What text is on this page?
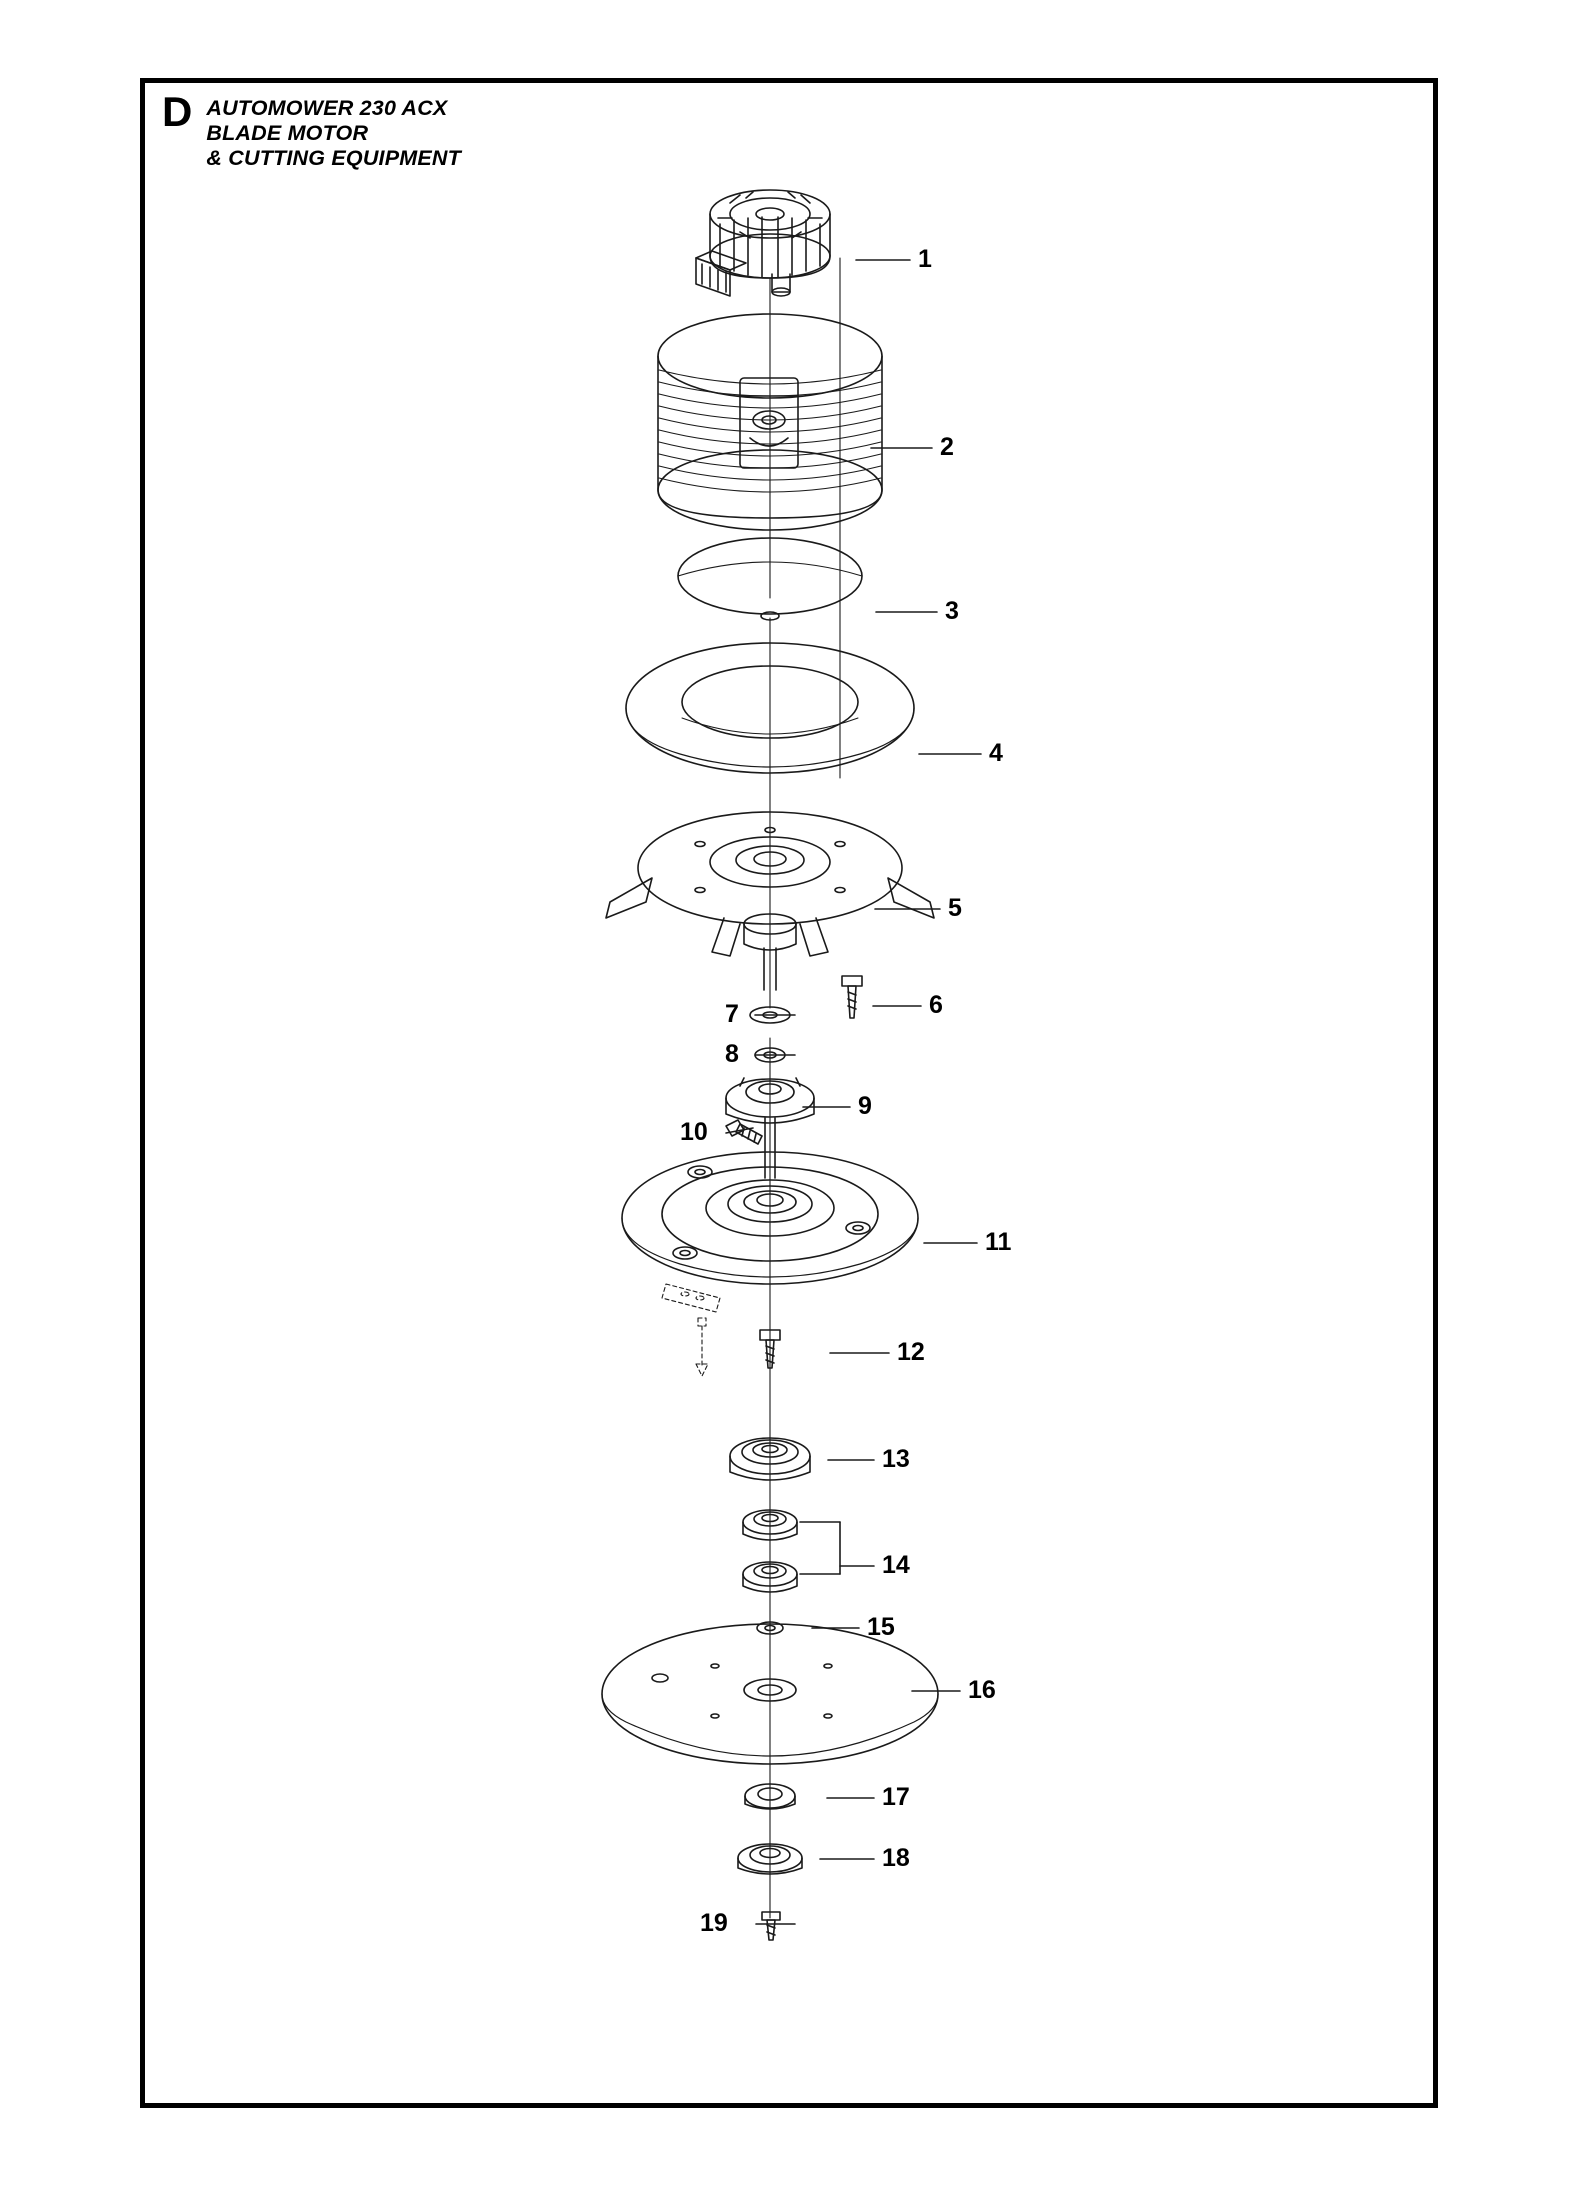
1
2
3
4
5
6
7
8
9
10
11
12
13
14
15
16
17
18
19
D AUTOMOWER 230 ACX
BLADE MOTOR
& CUTTING EQUIPMENT
